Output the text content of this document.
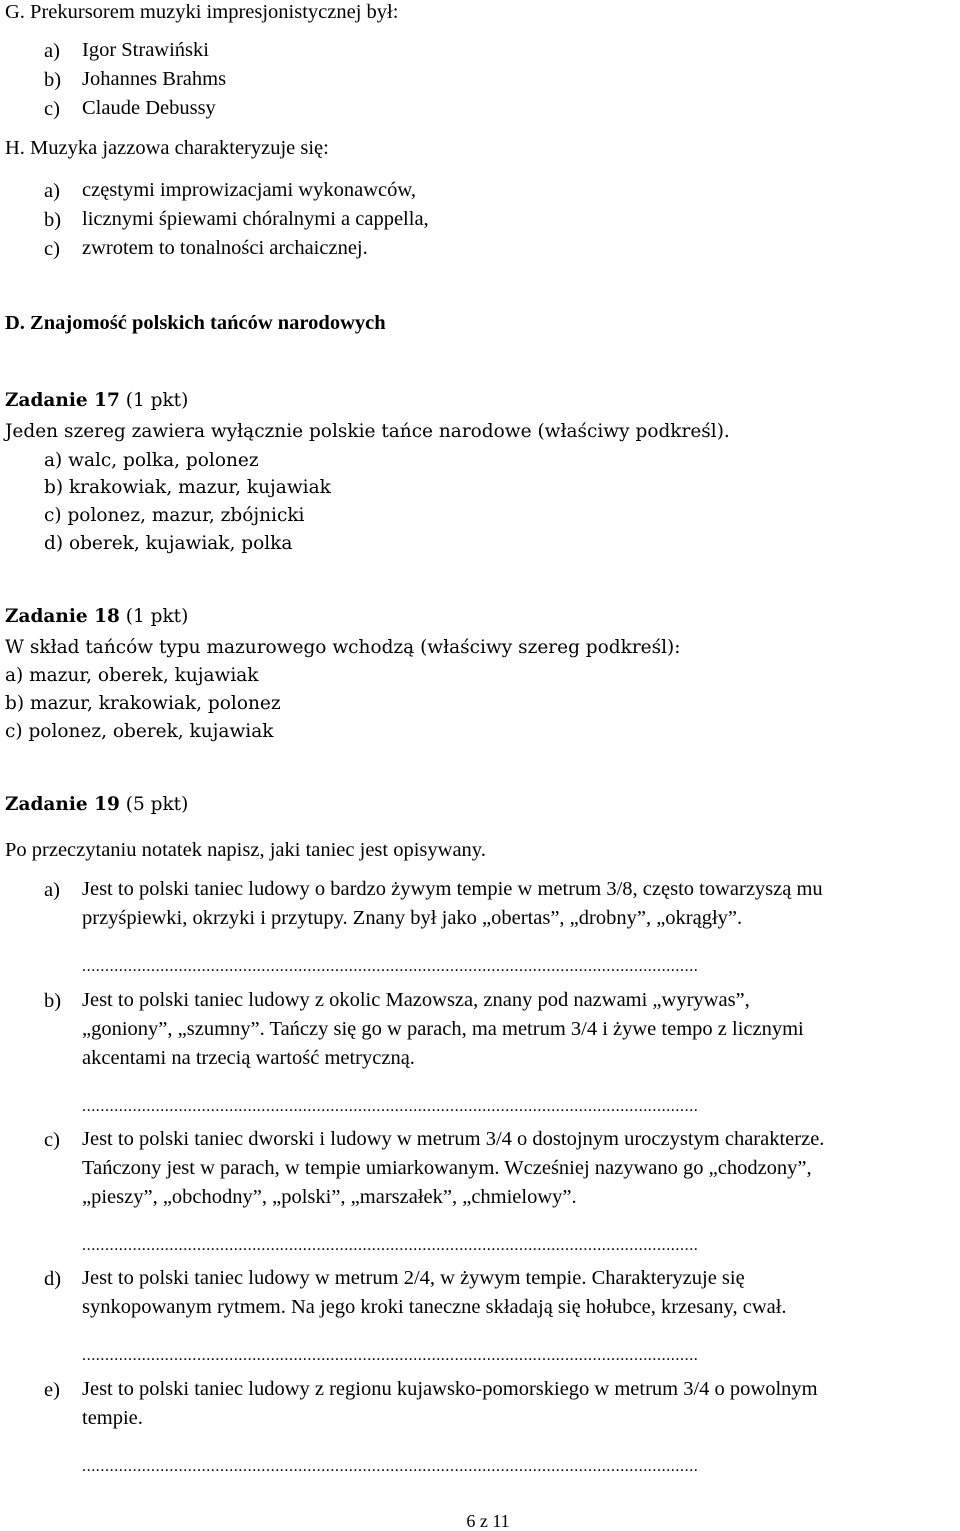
G. Prekursorem muzyki impresjonistycznej był:
a) Igor Strawiński
b) Johannes Brahms
c) Claude Debussy
H. Muzyka jazzowa charakteryzuje się:
a) częstymi improwizacjami wykonawców,
b) licznymi śpiewami chóralnymi a cappella,
c) zwrotem to tonalności archaicznej.
D. Znajomość polskich tańców narodowych
Zadanie 17 (1 pkt)
Jeden szereg zawiera wyłącznie polskie tańce narodowe (właściwy podkreśl).
a) walc, polka, polonez
b) krakowiak, mazur, kujawiak
c) polonez, mazur, zbójnicki
d) oberek, kujawiak, polka
Zadanie 18 (1 pkt)
W skład tańców typu mazurowego wchodzą (właściwy szereg podkreśl):
a) mazur, oberek, kujawiak
b) mazur, krakowiak, polonez
c) polonez, oberek, kujawiak
Zadanie 19 (5 pkt)
Po przeczytaniu notatek napisz, jaki taniec jest opisywany.
a) Jest to polski taniec ludowy o bardzo żywym tempie w metrum 3/8, często towarzyszą mu
przyśpiewki, okrzyki i przytupy. Znany był jako „obertas”, „drobny”, „okrągły”.
......................................................................................................................................
b) Jest to polski taniec ludowy z okolic Mazowsza, znany pod nazwami „wyrywas”,
„goniony”, „szumny”. Tańczy się go w parach, ma metrum 3/4 i żywe tempo z licznymi
akcentami na trzecią wartość metryczną.
......................................................................................................................................
c) Jest to polski taniec dworski i ludowy w metrum 3/4 o dostojnym uroczystym charakterze.
Tańczony jest w parach, w tempie umiarkowanym. Wcześniej nazywano go „chodzony”,
„pieszy”, „obchodny”, „polski”, „marszałek”, „chmielowy”.
......................................................................................................................................
d) Jest to polski taniec ludowy w metrum 2/4, w żywym tempie. Charakteryzuje się
synkopowanym rytmem. Na jego kroki taneczne składają się hołubce, krzesany, cwał.
......................................................................................................................................
e) Jest to polski taniec ludowy z regionu kujawsko-pomorskiego w metrum 3/4 o powolnym
tempie.
......................................................................................................................................
6 z 11
